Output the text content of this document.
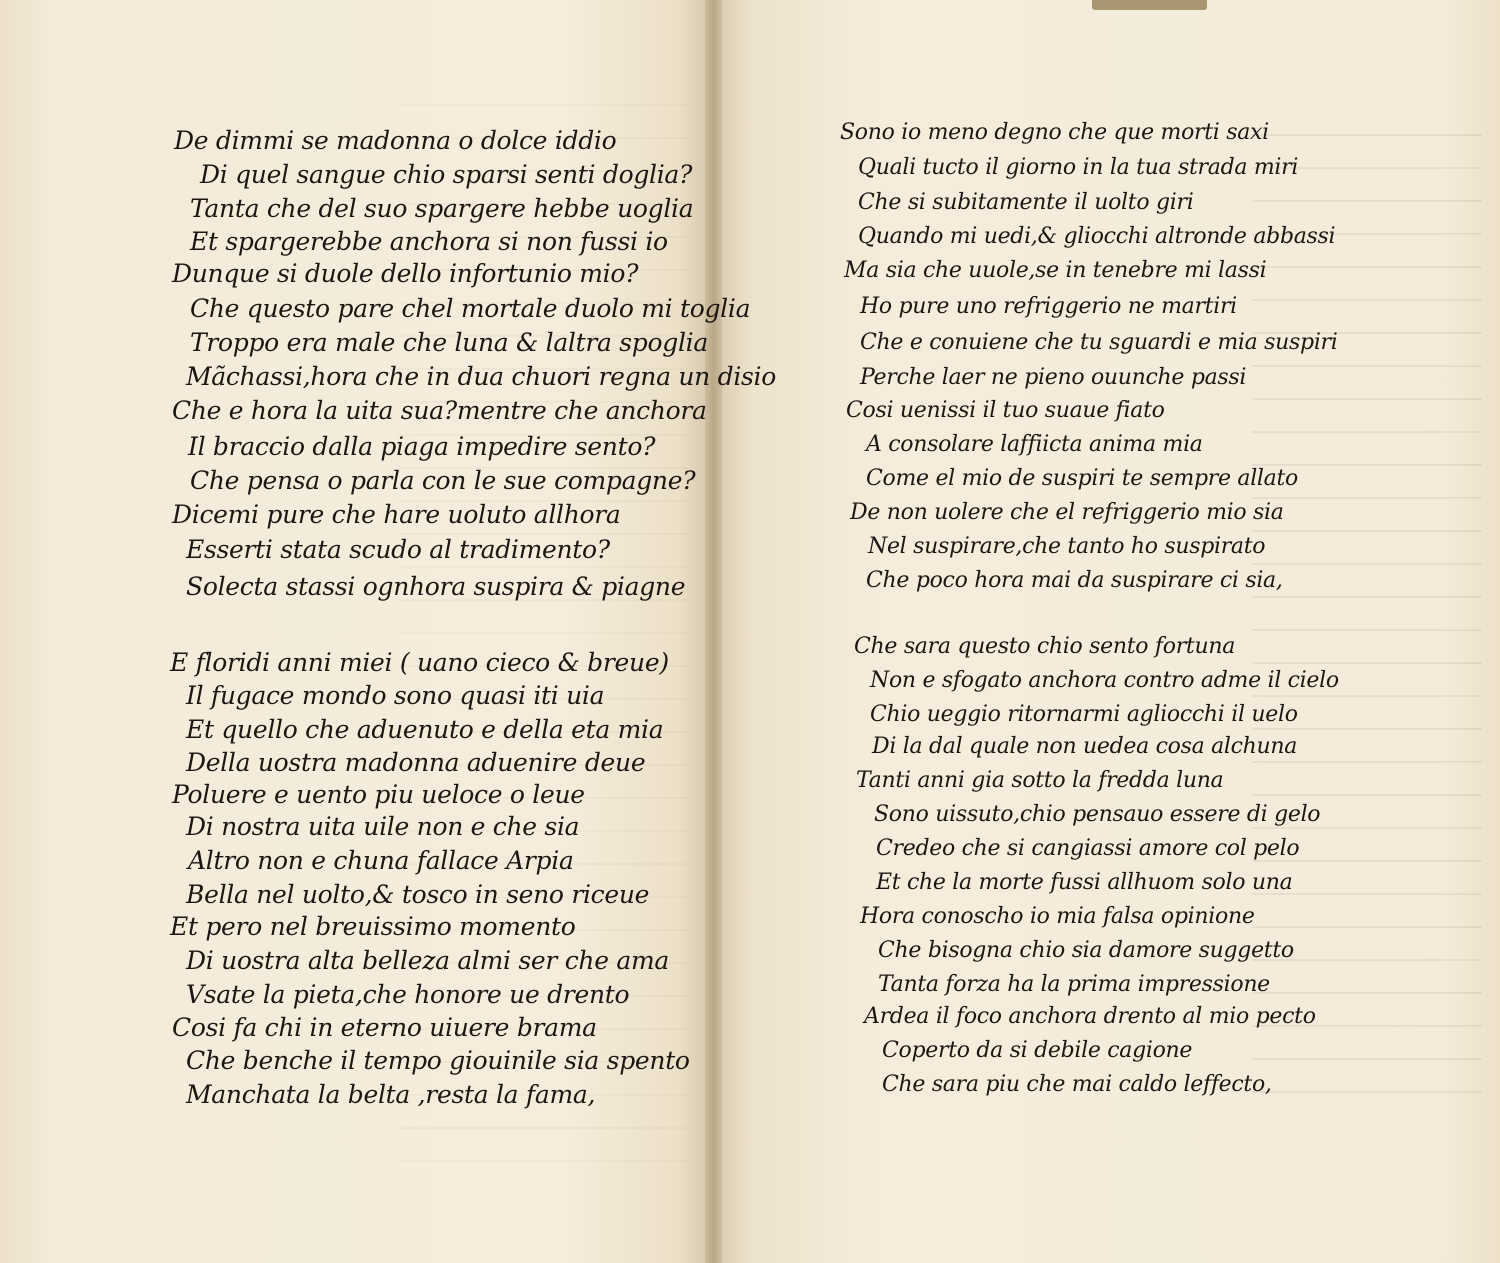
De dimmi se madonna o dolce iddio
Di quel sangue chio sparsi senti doglia?
Tanta che del suo spargere hebbe uoglia
Et spargerebbe anchora si non fussi io
Dunque si duole dello infortunio mio?
Che questo pare chel mortale duolo mi toglia
Troppo era male che luna & laltra spoglia
Mãchassi,hora che in dua chuori regna un disio
Che e hora la uita sua?mentre che anchora
Il braccio dalla piaga impedire sento?
Che pensa o parla con le sue compagne?
Dicemi pure che hare uoluto allhora
Esserti stata scudo al tradimento?
Solecta stassi ognhora suspira & piagne
E floridi anni miei ( uano cieco & breue)
Il fugace mondo sono quasi iti uia
Et quello che aduenuto e della eta mia
Della uostra madonna aduenire deue
Poluere e uento piu ueloce o leue
Di nostra uita uile non e che sia
Altro non e chuna fallace Arpia
Bella nel uolto,& tosco in seno riceue
Et pero nel breuissimo momento
Di uostra alta belleza almi ser che ama
Vsate la pieta,che honore ue drento
Cosi fa chi in eterno uiuere brama
Che benche il tempo giouinile sia spento
Manchata la belta ,resta la fama,
Sono io meno degno che que morti saxi
Quali tucto il giorno in la tua strada miri
Che si subitamente il uolto giri
Quando mi uedi,& gliocchi altronde abbassi
Ma sia che uuole,se in tenebre mi lassi
Ho pure uno refriggerio ne martiri
Che e conuiene che tu sguardi e mia suspiri
Perche laer ne pieno ouunche passi
Cosi uenissi il tuo suaue fiato
A consolare laffiicta anima mia
Come el mio de suspiri te sempre allato
De non uolere che el refriggerio mio sia
Nel suspirare,che tanto ho suspirato
Che poco hora mai da suspirare ci sia,
Che sara questo chio sento fortuna
Non e sfogato anchora contro adme il cielo
Chio ueggio ritornarmi agliocchi il uelo
Di la dal quale non uedea cosa alchuna
Tanti anni gia sotto la fredda luna
Sono uissuto,chio pensauo essere di gelo
Credeo che si cangiassi amore col pelo
Et che la morte fussi allhuom solo una
Hora conoscho io mia falsa opinione
Che bisogna chio sia damore suggetto
Tanta forza ha la prima impressione
Ardea il foco anchora drento al mio pecto
Coperto da si debile cagione
Che sara piu che mai caldo leffecto,
